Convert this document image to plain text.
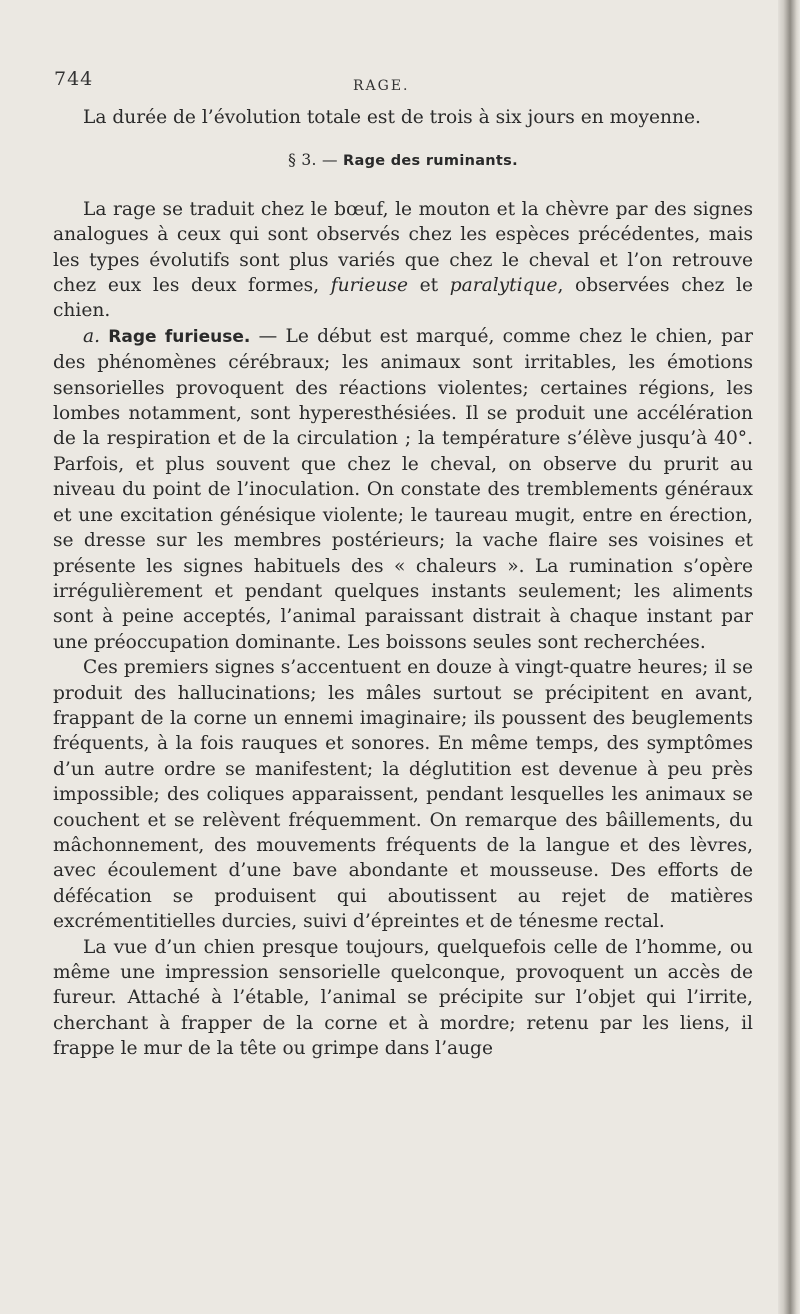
744	RAGE.

La durée de l’évolution totale est de trois à six jours en moyenne.

§ 3. — Rage des ruminants.

La rage se traduit chez le bœuf, le mouton et la chèvre par des signes analogues à ceux qui sont observés chez les espèces précédentes, mais les types évolutifs sont plus variés que chez le cheval et l’on retrouve chez eux les deux formes, furieuse et paralytique, observées chez le chien.

a. Rage furieuse. — Le début est marqué, comme chez le chien, par des phénomènes cérébraux; les animaux sont irritables, les émotions sensorielles provoquent des réactions violentes; certaines régions, les lombes notamment, sont hyperesthésiées. Il se produit une accélération de la respiration et de la circulation ; la température s’élève jusqu’à 40°. Parfois, et plus souvent que chez le cheval, on observe du prurit au niveau du point de l’inoculation. On constate des tremblements généraux et une excitation génésique violente; le taureau mugit, entre en érection, se dresse sur les membres postérieurs; la vache flaire ses voisines et présente les signes habituels des « chaleurs ». La rumination s’opère irrégulièrement et pendant quelques instants seulement; les aliments sont à peine acceptés, l’animal paraissant distrait à chaque instant par une préoccupation dominante. Les boissons seules sont recherchées.

Ces premiers signes s’accentuent en douze à vingt-quatre heures; il se produit des hallucinations; les mâles surtout se précipitent en avant, frappant de la corne un ennemi imaginaire; ils poussent des beuglements fréquents, à la fois rauques et sonores. En même temps, des symptômes d’un autre ordre se manifestent; la déglutition est devenue à peu près impossible; des coliques apparaissent, pendant lesquelles les animaux se couchent et se relèvent fréquemment. On remarque des bâillements, du mâchonnement, des mouvements fréquents de la langue et des lèvres, avec écoulement d’une bave abondante et mousseuse. Des efforts de défécation se produisent qui aboutissent au rejet de matières excrémentitielles durcies, suivi d’épreintes et de ténesme rectal.

La vue d’un chien presque toujours, quelquefois celle de l’homme, ou même une impression sensorielle quelconque, provoquent un accès de fureur. Attaché à l’étable, l’animal se précipite sur l’objet qui l’irrite, cherchant à frapper de la corne et à mordre; retenu par les liens, il frappe le mur de la tête ou grimpe dans l’auge
